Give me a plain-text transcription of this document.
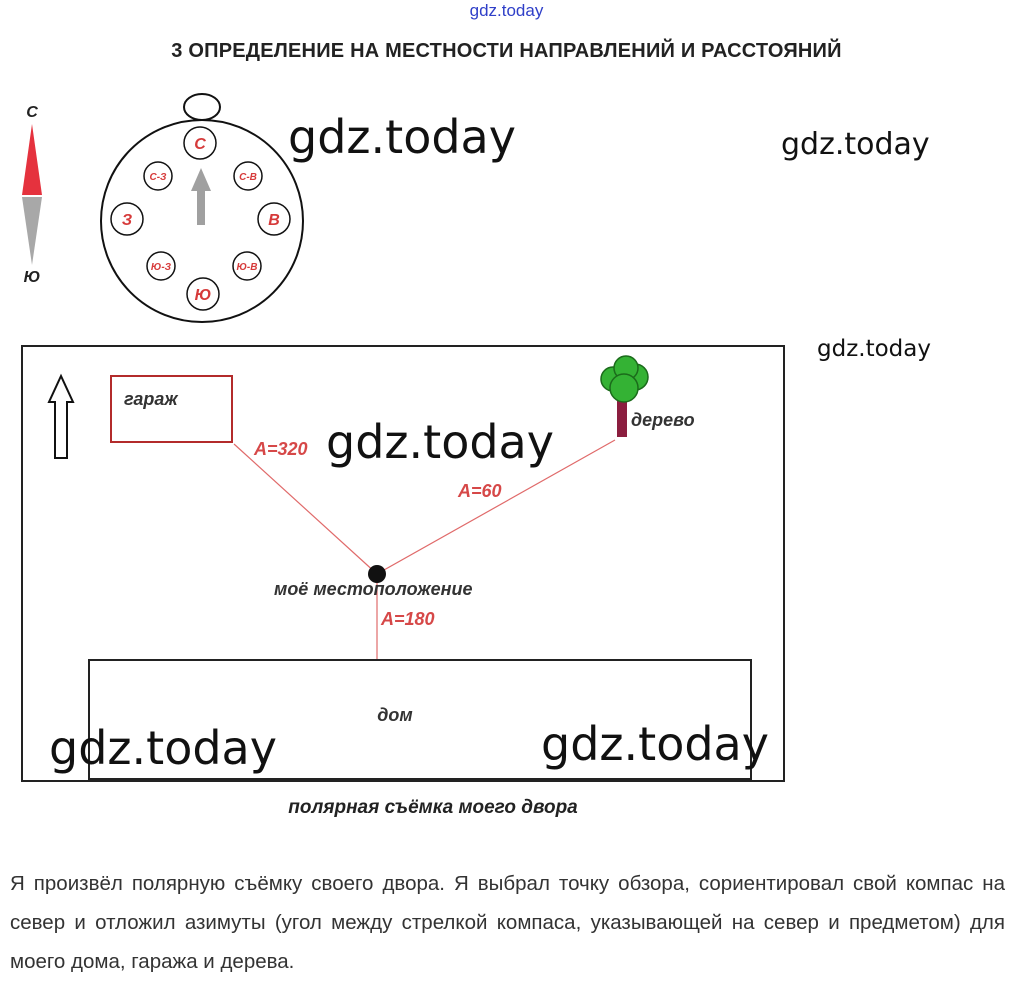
gdz.today
3 ОПРЕДЕЛЕНИЕ НА МЕСТНОСТИ НАПРАВЛЕНИЙ И РАССТОЯНИЙ
С
Ю
С
С-В
В
Ю-В
Ю
Ю-З
З
С-З
гараж
дерево
А=320
А=60
А=180
моё местоположение
дом
gdz.today	gdz.today
gdz.today
gdz.today
gdz.today	gdz.today
полярная съёмка моего двора
Я произвёл полярную съёмку своего двора. Я выбрал точку обзора, сориентировал свой компас на север и отложил азимуты (угол между стрелкой компаса, указывающей на север и предметом) для моего дома, гаража и дерева.
